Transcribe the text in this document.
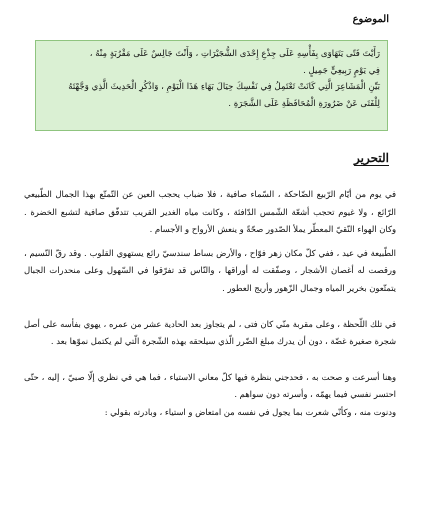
الموضوع

رَأَيْتَ فَتًى يَتَهَاوَى بِفَأْسِهِ عَلَى جِذْعِ إِحْدَى الشُّجَيْرَاتِ ، وَأَنْتَ جَالِسٌ عَلَى مَقْرُبَةٍ مِنْهُ ،

فِي يَوْمٍ رَبِيعِيٍّ جَمِيلٍ .

بَيِّنِ الْمَشَاعِرَ الَّتِي كَانَتْ تَعْتَمِلُ فِي نَفْسِكَ حِيَالَ بَهَاءِ هَذَا الْيَوْمِ ، وَاذْكُرِ الْحَدِيثَ الَّذِي وَجَّهْتَهُ

لِلْفَتَى عَنْ ضَرُورَةِ الْمُحَافَظَةِ عَلَى الشَّجَرَةِ .

التحرير

في يوم من أيّام الرّبيع الضّاحكة ، السّماء صافية ، فلا ضباب يحجب العين عن التّمتّع بهذا الجمال الطّبيعي الرّائع ، ولا غيوم تحجب أشعّة الشّمس الدّافئة ، وكانت مياه الغدير القريب تتدفّق صافية لتشبع الخضرة . وكان الهواء النّقيّ المعطّر يملأ الصّدور صحّةً و ينعش الأرواح و الأجسام .

الطّبيعة في عيد ، ففي كلّ مكان زهر فوّاح ، والأرض بساط سندسيّ رائع يستهوي القلوب . وقد رقّ النّسيم ، ورقصت له أغصان الأشجار ، وصفّقت له أوراقها ، والنّاس قد تفرّقوا في السّهول وعلى منحدرات الجبال يتمتّعون بخرير المياه وجمال الزّهور وأريج العطور .

في تلك اللّحظة ، وعلى مقربة منّي كان فتى ، لم يتجاوز بعد الحادية عشر من عمره ، يهوي بفأسه على أصل شجرة صغيرة غضّة ، دون أن يدرك مبلغ الضّرر الّذي سيلحقه بهذه الشّجرة الّتي لم يكتمل نموّها بعد .

وهنا أسرعت و صحت به ، فحدجني بنظرة فيها كلّ معاني الاستياء ، فما هي في نظري إلّا صبيّ ، إليه ، حتّى احتسر نفسي فيما يهمّه ، وأسرته دون سواهم .

ودنوت منه ، وكأنّي شعرت بما يجول في نفسه من امتعاض و استياء ، وبادرته بقولي :
